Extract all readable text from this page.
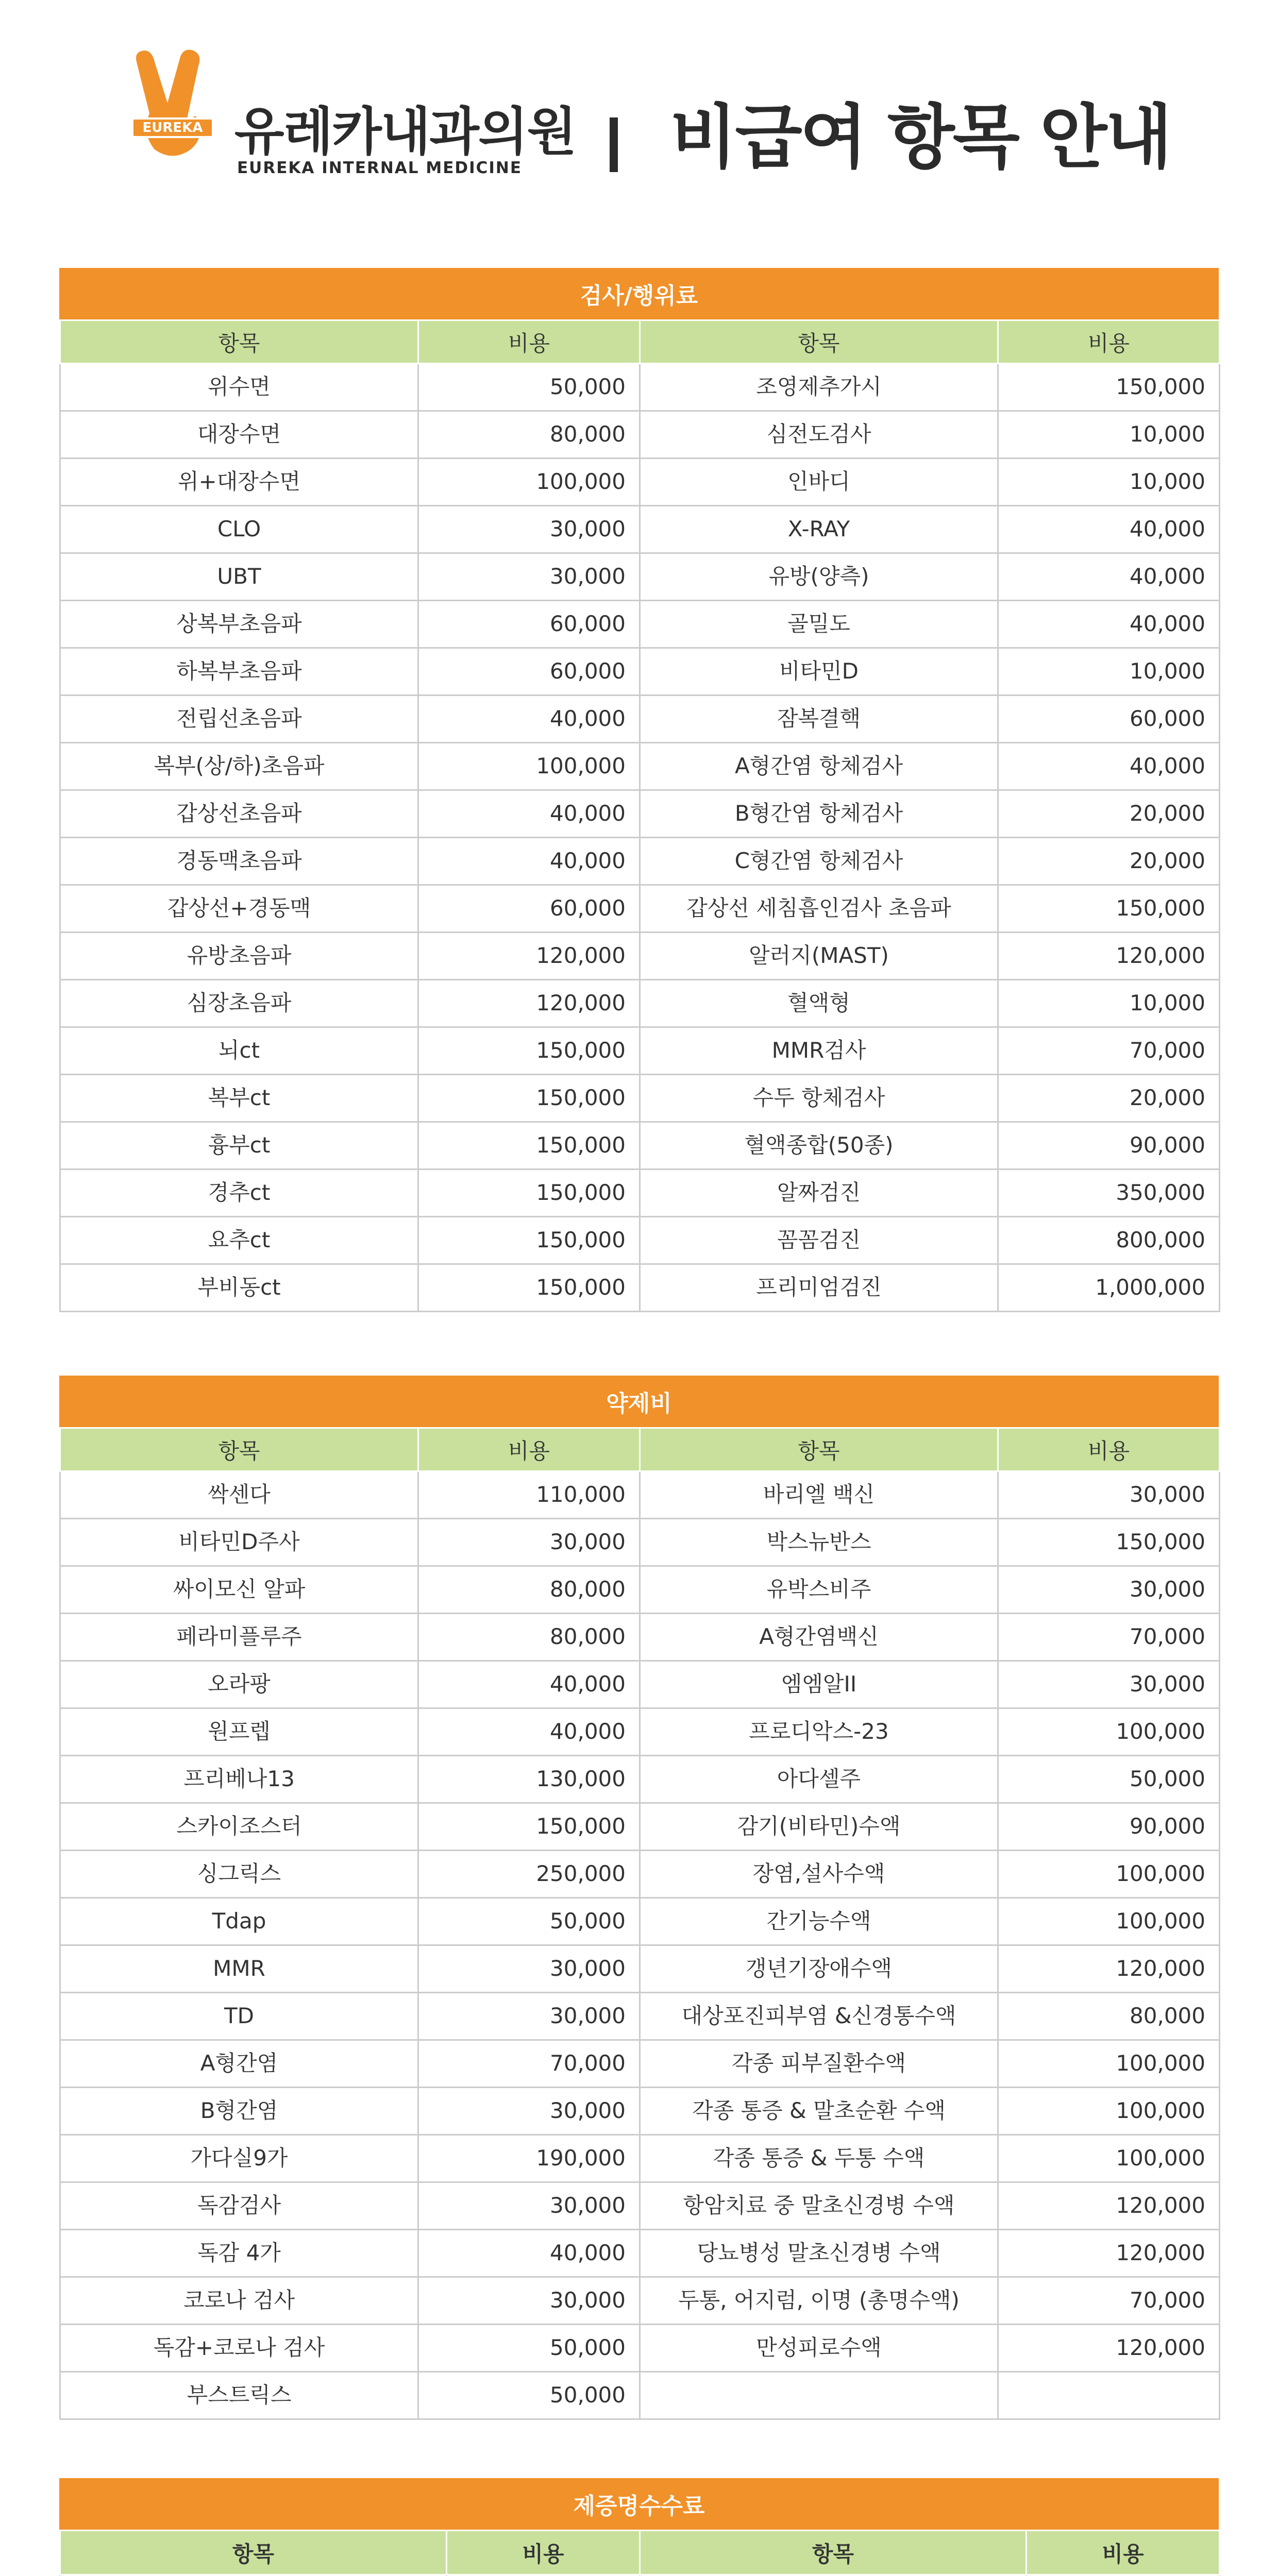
EUREKA 유레카내과의원
EUREKA INTERNAL MEDICINE 비급여 항목 안내
검사/행위료
항목	비용	항목	비용
위수면	50,000	조영제추가시	150,000
대장수면	80,000	심전도검사	10,000
위+대장수면	100,000	인바디	10,000
CLO	30,000	X-RAY	40,000
UBT	30,000	유방(양측)	40,000
상복부초음파	60,000	골밀도	40,000
하복부초음파	60,000	비타민D	10,000
전립선초음파	40,000	잠복결핵	60,000
복부(상/하)초음파	100,000	A형간염 항체검사	40,000
갑상선초음파	40,000	B형간염 항체검사	20,000
경동맥초음파	40,000	C형간염 항체검사	20,000
갑상선+경동맥	60,000	갑상선 세침흡인검사 초음파	150,000
유방초음파	120,000	알러지(MAST)	120,000
심장초음파	120,000	혈액형	10,000
뇌ct	150,000	MMR검사	70,000
복부ct	150,000	수두 항체검사	20,000
흉부ct	150,000	혈액종합(50종)	90,000
경추ct	150,000	알짜검진	350,000
요추ct	150,000	꼼꼼검진	800,000
부비동ct	150,000	프리미엄검진	1,000,000
약제비
항목	비용	항목	비용
싹센다	110,000	바리엘 백신	30,000
비타민D주사	30,000	박스뉴반스	150,000
싸이모신 알파	80,000	유박스비주	30,000
페라미플루주	80,000	A형간염백신	70,000
오라팡	40,000	엠엠알II	30,000
원프렙	40,000	프로디악스-23	100,000
프리베나13	130,000	아다셀주	50,000
스카이조스터	150,000	감기(비타민)수액	90,000
싱그릭스	250,000	장염,설사수액	100,000
Tdap	50,000	간기능수액	100,000
MMR	30,000	갱년기장애수액	120,000
TD	30,000	대상포진피부염 &신경통수액	80,000
A형간염	70,000	각종 피부질환수액	100,000
B형간염	30,000	각종 통증 & 말초순환 수액	100,000
가다실9가	190,000	각종 통증 & 두통 수액	100,000
독감검사	30,000	항암치료 중 말초신경병 수액	120,000
독감 4가	40,000	당뇨병성 말초신경병 수액	120,000
코로나 검사	30,000	두통, 어지럼, 이명 (총명수액)	70,000
독감+코로나 검사	50,000	만성피로수액	120,000
부스트릭스	50,000		
제증명수수료
항목	비용	항목	비용
